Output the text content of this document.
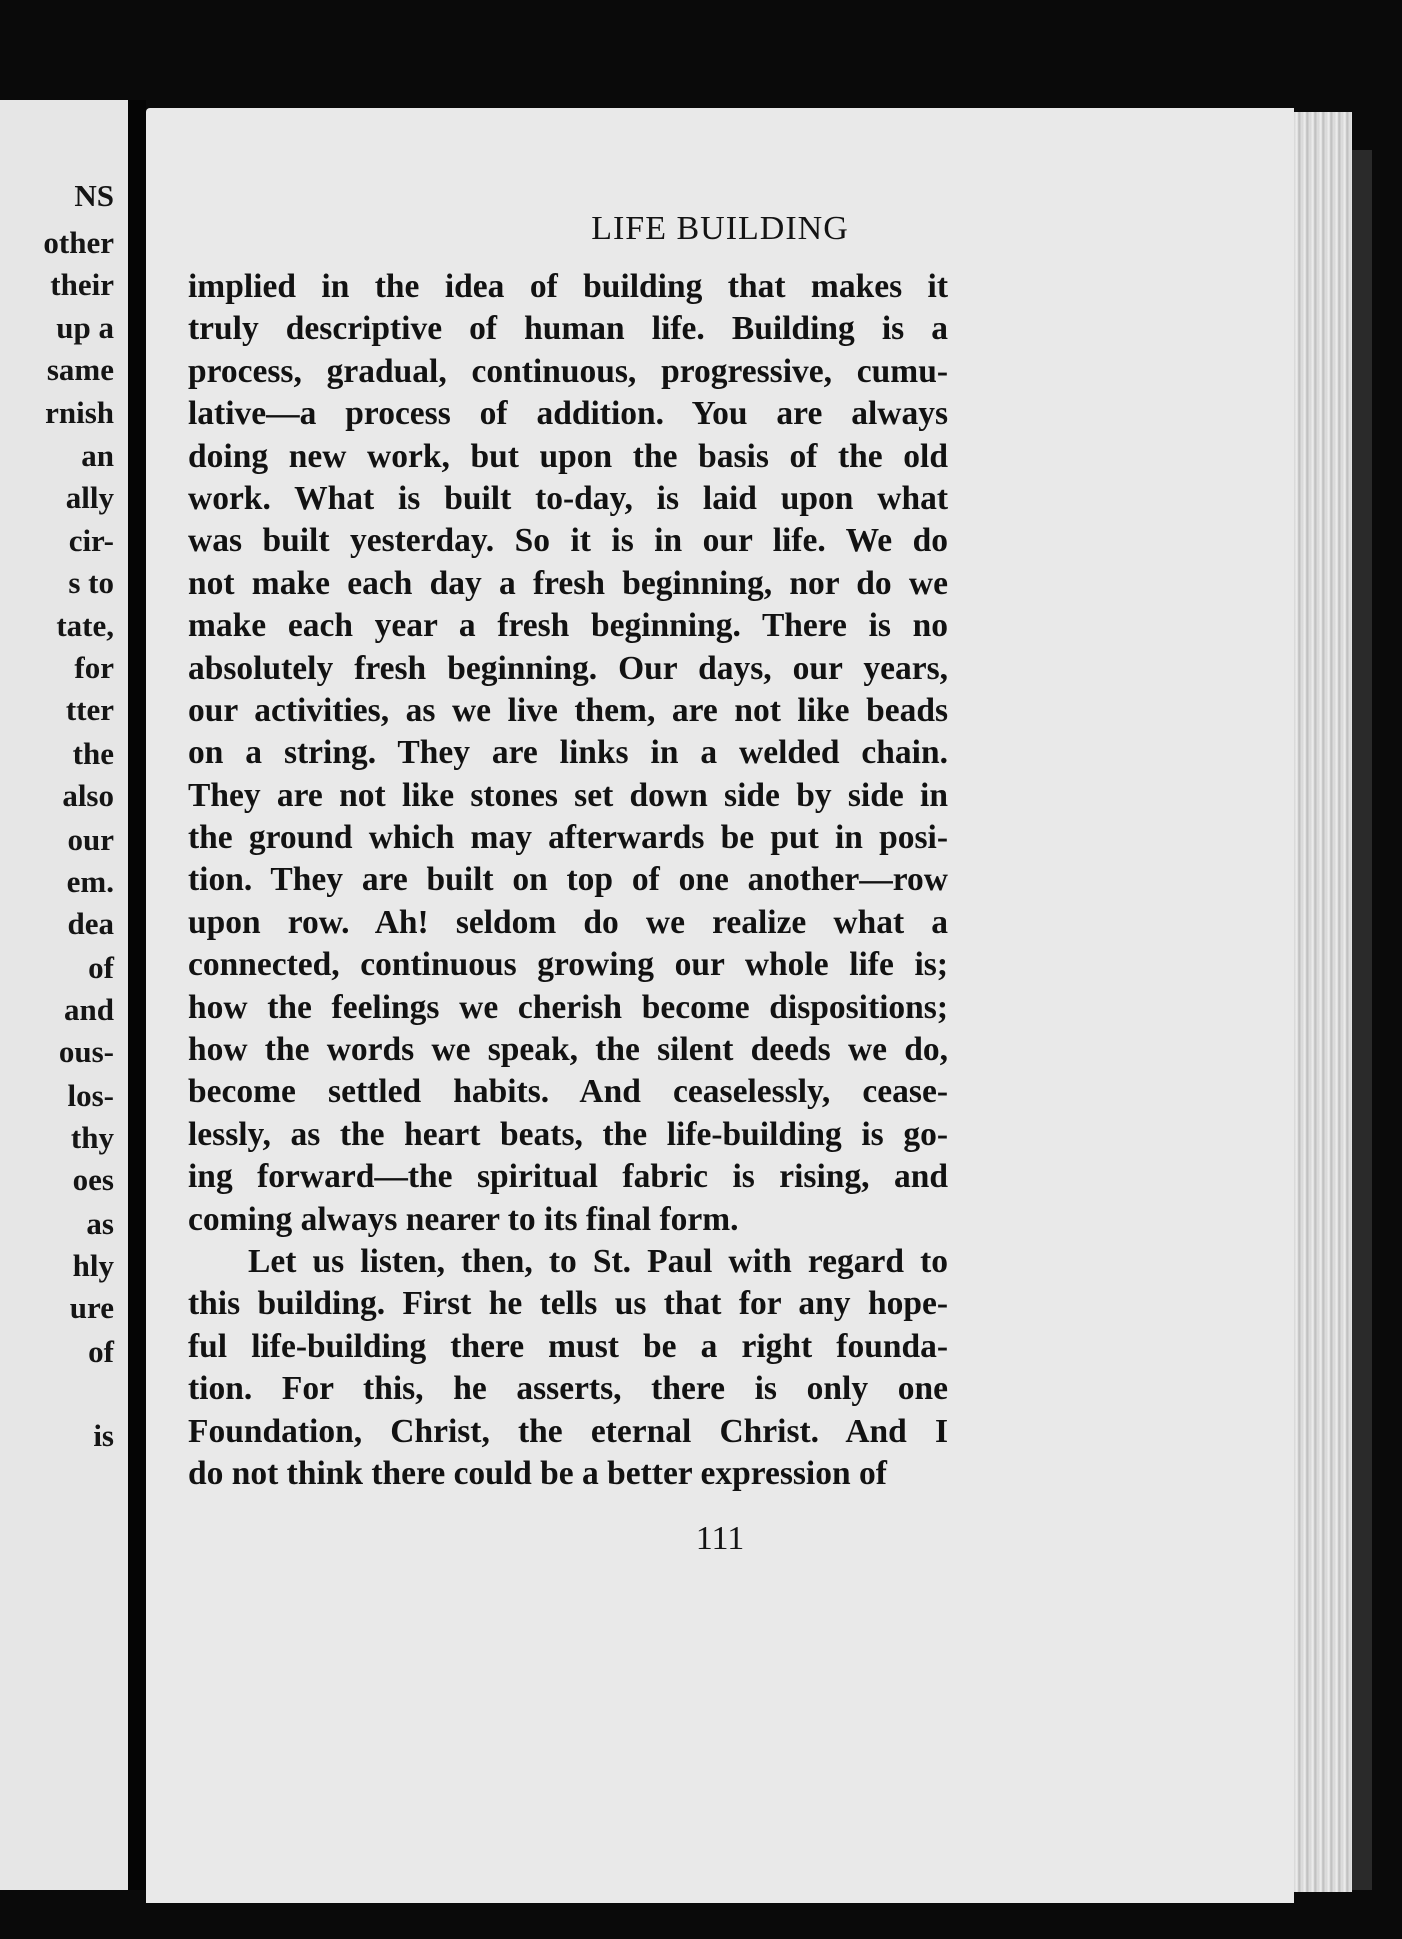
NS
other
their
up a
same
rnish
an
ally
cir-
s to
tate,
for
tter
the
also
our
em.
dea
of
and
ous-
los-
thy
oes
as
hly
ure
of
is
LIFE BUILDING
implied in the idea of building that makes it
truly descriptive of human life. Building is a
process, gradual, continuous, progressive, cumu-
lative—a process of addition. You are always
doing new work, but upon the basis of the old
work. What is built to-day, is laid upon what
was built yesterday. So it is in our life. We do
not make each day a fresh beginning, nor do we
make each year a fresh beginning. There is no
absolutely fresh beginning. Our days, our years,
our activities, as we live them, are not like beads
on a string. They are links in a welded chain.
They are not like stones set down side by side in
the ground which may afterwards be put in posi-
tion. They are built on top of one another—row
upon row. Ah! seldom do we realize what a
connected, continuous growing our whole life is;
how the feelings we cherish become dispositions;
how the words we speak, the silent deeds we do,
become settled habits. And ceaselessly, cease-
lessly, as the heart beats, the life-building is go-
ing forward—the spiritual fabric is rising, and
coming always nearer to its final form.
Let us listen, then, to St. Paul with regard to
this building. First he tells us that for any hope-
ful life-building there must be a right founda-
tion. For this, he asserts, there is only one
Foundation, Christ, the eternal Christ. And I
do not think there could be a better expression of
111
